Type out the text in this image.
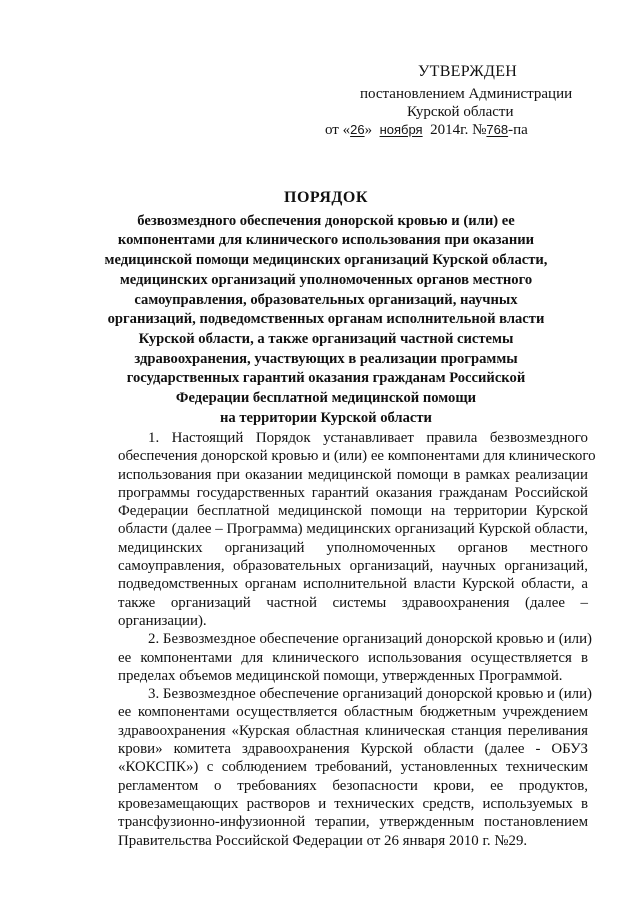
УТВЕРЖДЕН
постановлением Администрации
Курской области
от «26» ноября 2014г. №768-па
ПОРЯДОК
безвозмездного обеспечения донорской кровью и (или) ее
компонентами для клинического использования при оказании
медицинской помощи медицинских организаций Курской области,
медицинских организаций уполномоченных органов местного
самоуправления, образовательных организаций, научных
организаций, подведомственных органам исполнительной власти
Курской области, а также организаций частной системы
здравоохранения, участвующих в реализации программы
государственных гарантий оказания гражданам Российской
Федерации бесплатной медицинской помощи
на территории Курской области
1. Настоящий Порядок устанавливает правила безвозмездного
обеспечения донорской кровью и (или) ее компонентами для клинического
использования при оказании медицинской помощи в рамках реализации
программы государственных гарантий оказания гражданам Российской
Федерации бесплатной медицинской помощи на территории Курской
области (далее – Программа) медицинских организаций Курской области,
медицинских организаций уполномоченных органов местного
самоуправления, образовательных организаций, научных организаций,
подведомственных органам исполнительной власти Курской области, а
также организаций частной системы здравоохранения (далее –
организации).
2. Безвозмездное обеспечение организаций донорской кровью и (или)
ее компонентами для клинического использования осуществляется в
пределах объемов медицинской помощи, утвержденных Программой.
3. Безвозмездное обеспечение организаций донорской кровью и (или)
ее компонентами осуществляется областным бюджетным учреждением
здравоохранения «Курская областная клиническая станция переливания
крови» комитета здравоохранения Курской области (далее - ОБУЗ
«КОКСПК») с соблюдением требований, установленных техническим
регламентом о требованиях безопасности крови, ее продуктов,
кровезамещающих растворов и технических средств, используемых в
трансфузионно-инфузионной терапии, утвержденным постановлением
Правительства Российской Федерации от 26 января 2010 г. №29.
